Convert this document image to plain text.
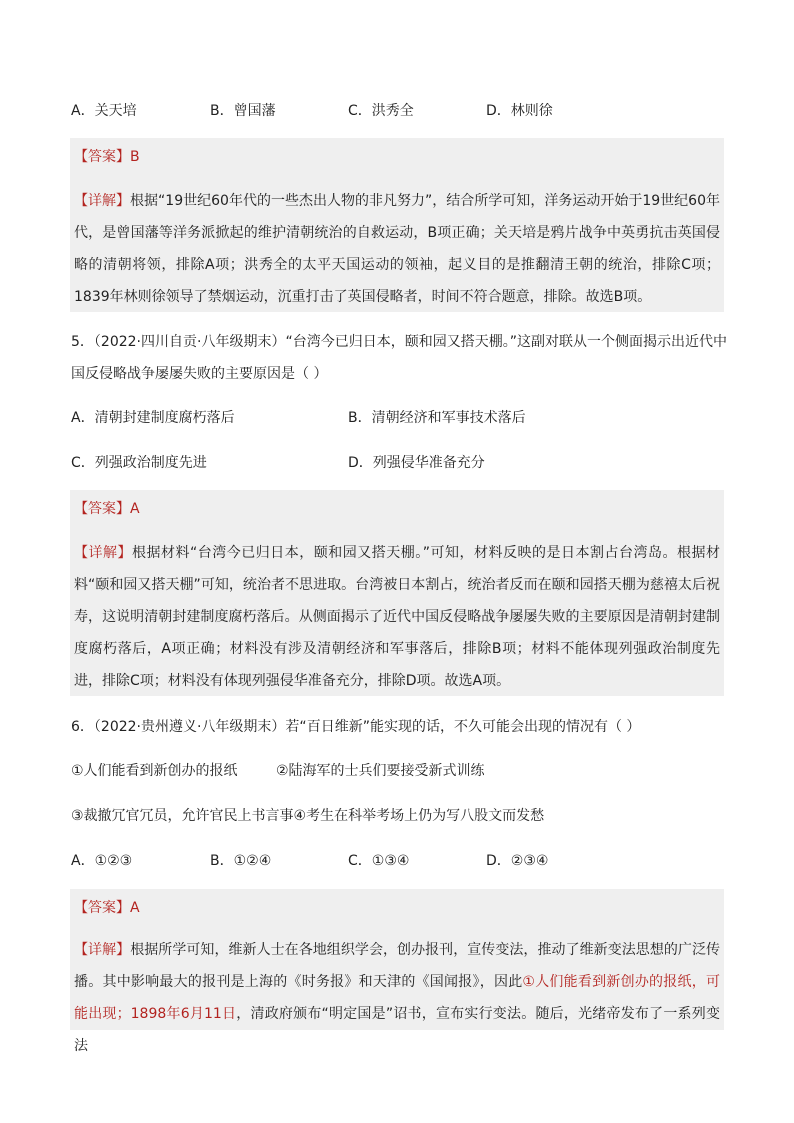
A．关天培	B．曾国藩	C．洪秀全	D．林则徐
【答案】B
【详解】根据“19世纪60年代的一些杰出人物的非凡努力”，结合所学可知，洋务运动开始于19世纪60年代，是曾国藩等洋务派掀起的维护清朝统治的自救运动，B项正确；关天培是鸦片战争中英勇抗击英国侵略的清朝将领，排除A项；洪秀全的太平天国运动的领袖，起义目的是推翻清王朝的统治，排除C项；1839年林则徐领导了禁烟运动，沉重打击了英国侵略者，时间不符合题意，排除。故选B项。
5．（2022·四川自贡·八年级期末）“台湾今已归日本，颐和园又搭天棚。”这副对联从一个侧面揭示出近代中国反侵略战争屡屡失败的主要原因是（ ）
A．清朝封建制度腐朽落后	B．清朝经济和军事技术落后
C．列强政治制度先进	D．列强侵华准备充分
【答案】A
【详解】根据材料“台湾今已归日本，颐和园又搭天棚。”可知，材料反映的是日本割占台湾岛。根据材料“颐和园又搭天棚”可知，统治者不思进取。台湾被日本割占，统治者反而在颐和园搭天棚为慈禧太后祝寿，这说明清朝封建制度腐朽落后。从侧面揭示了近代中国反侵略战争屡屡失败的主要原因是清朝封建制度腐朽落后，A项正确；材料没有涉及清朝经济和军事落后，排除B项；材料不能体现列强政治制度先进，排除C项；材料没有体现列强侵华准备充分，排除D项。故选A项。
6．（2022·贵州遵义·八年级期末）若“百日维新”能实现的话，不久可能会出现的情况有（ ）
①人们能看到新创办的报纸	②陆海军的士兵们要接受新式训练
③裁撤冗官冗员，允许官民上书言事④考生在科举考场上仍为写八股文而发愁
A．①②③	B．①②④	C．①③④	D．②③④
【答案】A
【详解】根据所学可知，维新人士在各地组织学会，创办报刊，宣传变法，推动了维新变法思想的广泛传播。其中影响最大的报刊是上海的《时务报》和天津的《国闻报》，因此①人们能看到新创办的报纸，可能出现；1898年6月11日，清政府颁布“明定国是”诏书，宣布实行变法。随后，光绪帝发布了一系列变法
